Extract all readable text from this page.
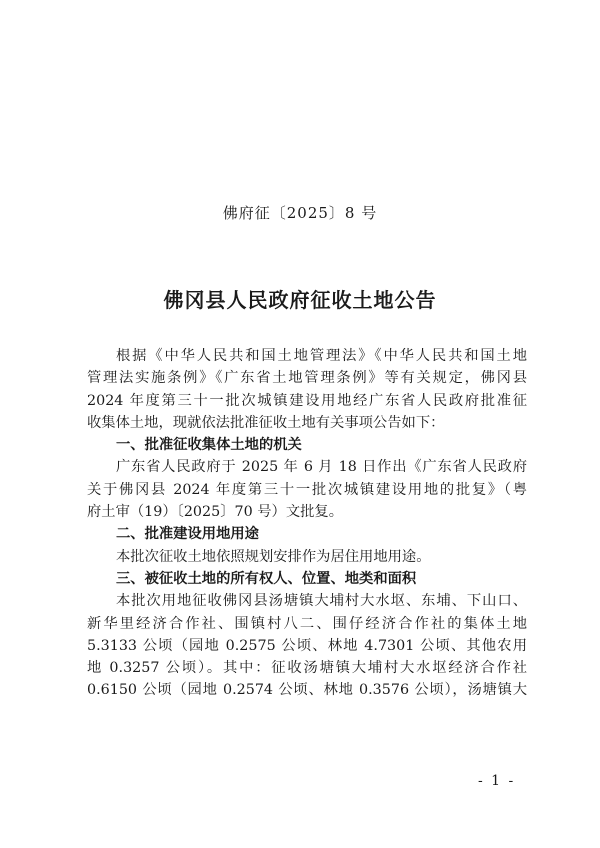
佛府征〔2025〕8 号
佛冈县人民政府征收土地公告
根据《中华人民共和国土地管理法》《中华人民共和国土地
管理法实施条例》《广东省土地管理条例》等有关规定，佛冈县
2024 年度第三十一批次城镇建设用地经广东省人民政府批准征
收集体土地，现就依法批准征收土地有关事项公告如下：
一、批准征收集体土地的机关
广东省人民政府于 2025 年 6 月 18 日作出《广东省人民政府
关于佛冈县 2024 年度第三十一批次城镇建设用地的批复》（粤
府土审（19）〔2025〕70 号）文批复。
二、批准建设用地用途
本批次征收土地依照规划安排作为居住用地用途。
三、被征收土地的所有权人、位置、地类和面积
本批次用地征收佛冈县汤塘镇大埔村大水𫭟、东埔、下山口、
新华里经济合作社、围镇村八二、围仔经济合作社的集体土地
5.3133 公顷（园地 0.2575 公顷、林地 4.7301 公顷、其他农用
地 0.3257 公顷）。其中：征收汤塘镇大埔村大水𫭟经济合作社
0.6150 公顷（园地 0.2574 公顷、林地 0.3576 公顷），汤塘镇大
- 1 -
